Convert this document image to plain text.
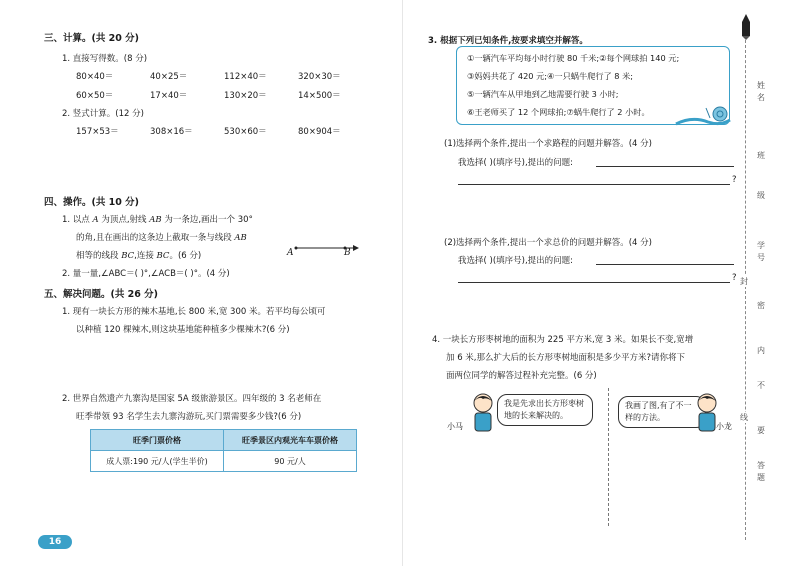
三、计算。(共 20 分)
1. 直接写得数。(8 分)
80×40＝	40×25＝	112×40＝	320×30＝
60×50＝	17×40＝	130×20＝	14×500＝
2. 竖式计算。(12 分)
157×53＝	308×16＝	530×60＝	80×904＝
四、操作。(共 10 分)
1. 以点 A 为顶点,射线 AB 为一条边,画出一个 30°
的角,且在画出的这条边上截取一条与线段 AB
相等的线段 BC,连接 BC。(6 分)	A	B
2. 量一量,∠ABC＝( )°,∠ACB＝( )°。(4 分)
五、解决问题。(共 26 分)
1. 现有一块长方形的辣木基地,长 800 米,宽 300 米。若平均每公顷可
以种植 120 棵辣木,则这块基地能种植多少棵辣木?(6 分)
2. 世界自然遗产九寨沟是国家 5A 级旅游景区。四年级的 3 名老师在
旺季带领 93 名学生去九寨沟游玩,买门票需要多少钱?(6 分)
旺季门票价格	旺季景区内观光车车票价格
成人票:190 元/人(学生半价)	90 元/人
16
3. 根据下列已知条件,按要求填空并解答。
①一辆汽车平均每小时行驶 80 千米;②每个网球拍 140 元;
③妈妈共花了 420 元;④一只蜗牛爬行了 8 米;
⑤一辆汽车从甲地到乙地需要行驶 3 小时;
⑥王老师买了 12 个网球拍;⑦蜗牛爬行了 2 小时。
(1)选择两个条件,提出一个求路程的问题并解答。(4 分)
我选择( )(填序号),提出的问题:
?
(2)选择两个条件,提出一个求总价的问题并解答。(4 分)
我选择( )(填序号),提出的问题:
?
4. 一块长方形枣树地的面积为 225 平方米,宽 3 米。如果长不变,宽增
加 6 米,那么扩大后的长方形枣树地面积是多少平方米?请你将下
面两位同学的解答过程补充完整。(6 分)
小马
我是先求出长方形枣树地的长来解决的。
我画了图,有了不一样的方法。
小龙
姓
名
班
级
学
号
封
密
线
内
不
要
答
题
